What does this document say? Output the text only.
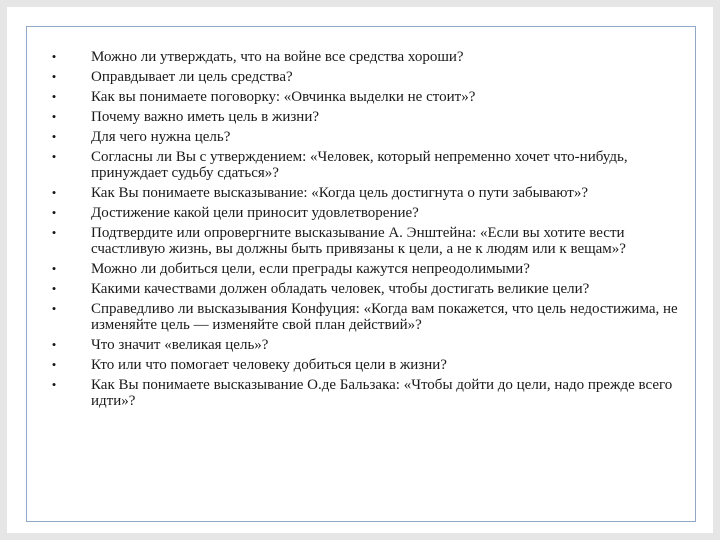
• Можно ли утверждать, что на войне все средства хороши?
• Оправдывает ли цель средства?
• Как вы понимаете поговорку: «Овчинка выделки не стоит»?
• Почему важно иметь цель в жизни?
• Для чего нужна цель?
• Согласны ли Вы с утверждением: «Человек, который непременно хочет что-нибудь, принуждает судьбу сдаться»?
• Как Вы понимаете высказывание: «Когда цель достигнута о пути забывают»?
• Достижение какой цели приносит удовлетворение?
• Подтвердите или опровергните высказывание А. Энштейна: «Если вы хотите вести счастливую жизнь, вы должны быть привязаны к цели, а не к людям или к вещам»?
• Можно ли добиться цели, если преграды кажутся непреодолимыми?
• Какими качествами должен обладать человек, чтобы достигать великие цели?
• Справедливо ли высказывания Конфуция: «Когда вам покажется, что цель недостижима, не изменяйте цель — изменяйте свой план действий»?
• Что значит «великая цель»?
• Кто или что помогает человеку добиться цели в жизни?
• Как Вы понимаете высказывание О.де Бальзака: «Чтобы дойти до цели, надо прежде всего идти»?
